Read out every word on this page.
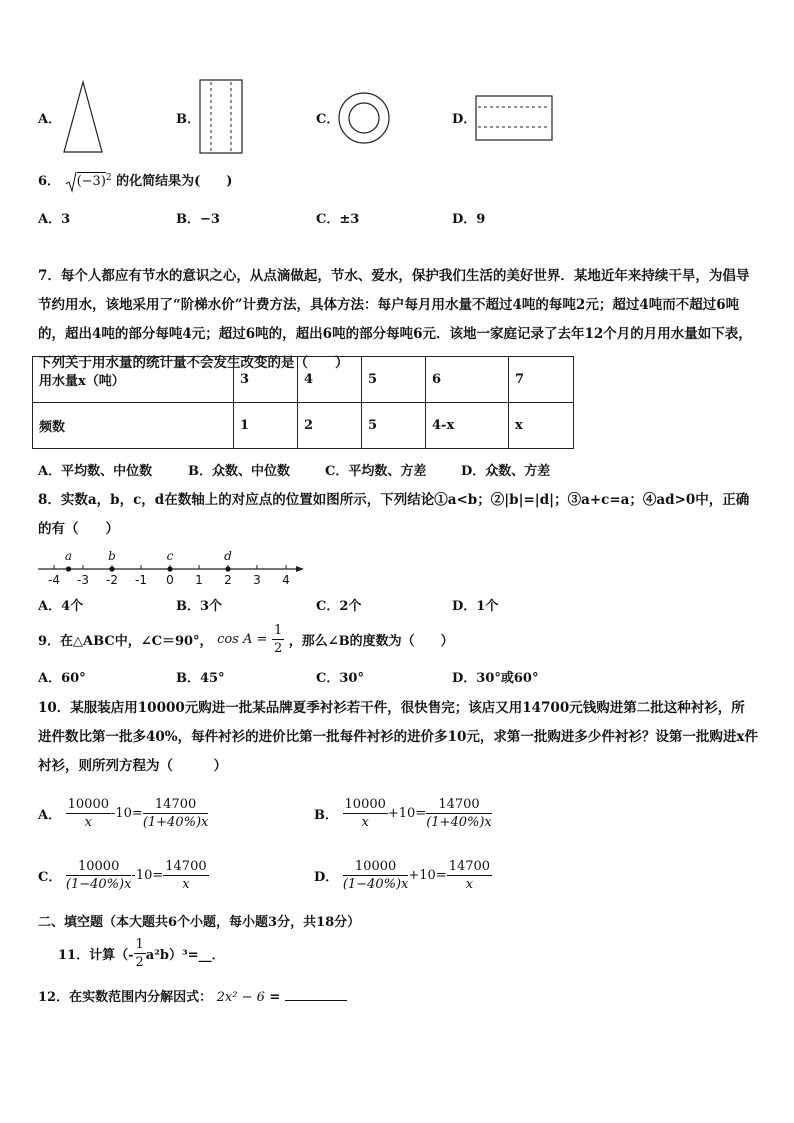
A．	B．	C．	D．
6． $(-3)^2$ 的化简结果为(　　)
A．3	B．−3	C．±3	D．9
7．每个人都应有节水的意识之心，从点滴做起，节水、爱水，保护我们生活的美好世界．某地近年来持续干旱，为倡导节约用水，该地采用了“阶梯水价”计费方法，具体方法：每户每月用水量不超过4吨的每吨2元；超过4吨而不超过6吨的，超出4吨的部分每吨4元；超过6吨的，超出6吨的部分每吨6元．该地一家庭记录了去年12个月的月用水量如下表，下列关于用水量的统计量不会发生改变的是（　　）
用水量x（吨）	3	4	5	6	7
频数	1	2	5	4-x	x
A．平均数、中位数	B．众数、中位数	C．平均数、方差	D．众数、方差
8．实数a，b，c，d在数轴上的对应点的位置如图所示，下列结论①a<b；②|b|=|d|；③a+c=a；④ad>0中，正确的有（　　）
-4 -3 -2 -1 0 1 2 3 4
a	b	c	d
A．4个	B．3个	C．2个	D．1个
9．在△ABC中，∠C＝90°， $\cos A = \frac{1}{2}$ ，那么∠B的度数为（　　）
A．60°	B．45°	C．30°	D．30°或60°
10．某服装店用10000元购进一批某品牌夏季衬衫若干件，很快售完；该店又用14700元钱购进第二批这种衬衫，所进件数比第一批多40%，每件衬衫的进价比第一批每件衬衫的进价多10元，求第一批购进多少件衬衫？设第一批购进x件衬衫，则所列方程为（　　　）
A． $\frac{10000}{x} -10= \frac{14700}{(1+40\%)x}$	B． $\frac{10000}{x} +10= \frac{14700}{(1+40\%)x}$
C． $\frac{10000}{(1-40\%)x} -10= \frac{14700}{x}$	D． $\frac{10000}{(1-40\%)x} +10= \frac{14700}{x}$
二、填空题（本大题共6个小题，每小题3分，共18分）
11．计算（- $\frac{1}{2}$ a²b）³=__．
12．在实数范围内分解因式： 2x² − 6 =
